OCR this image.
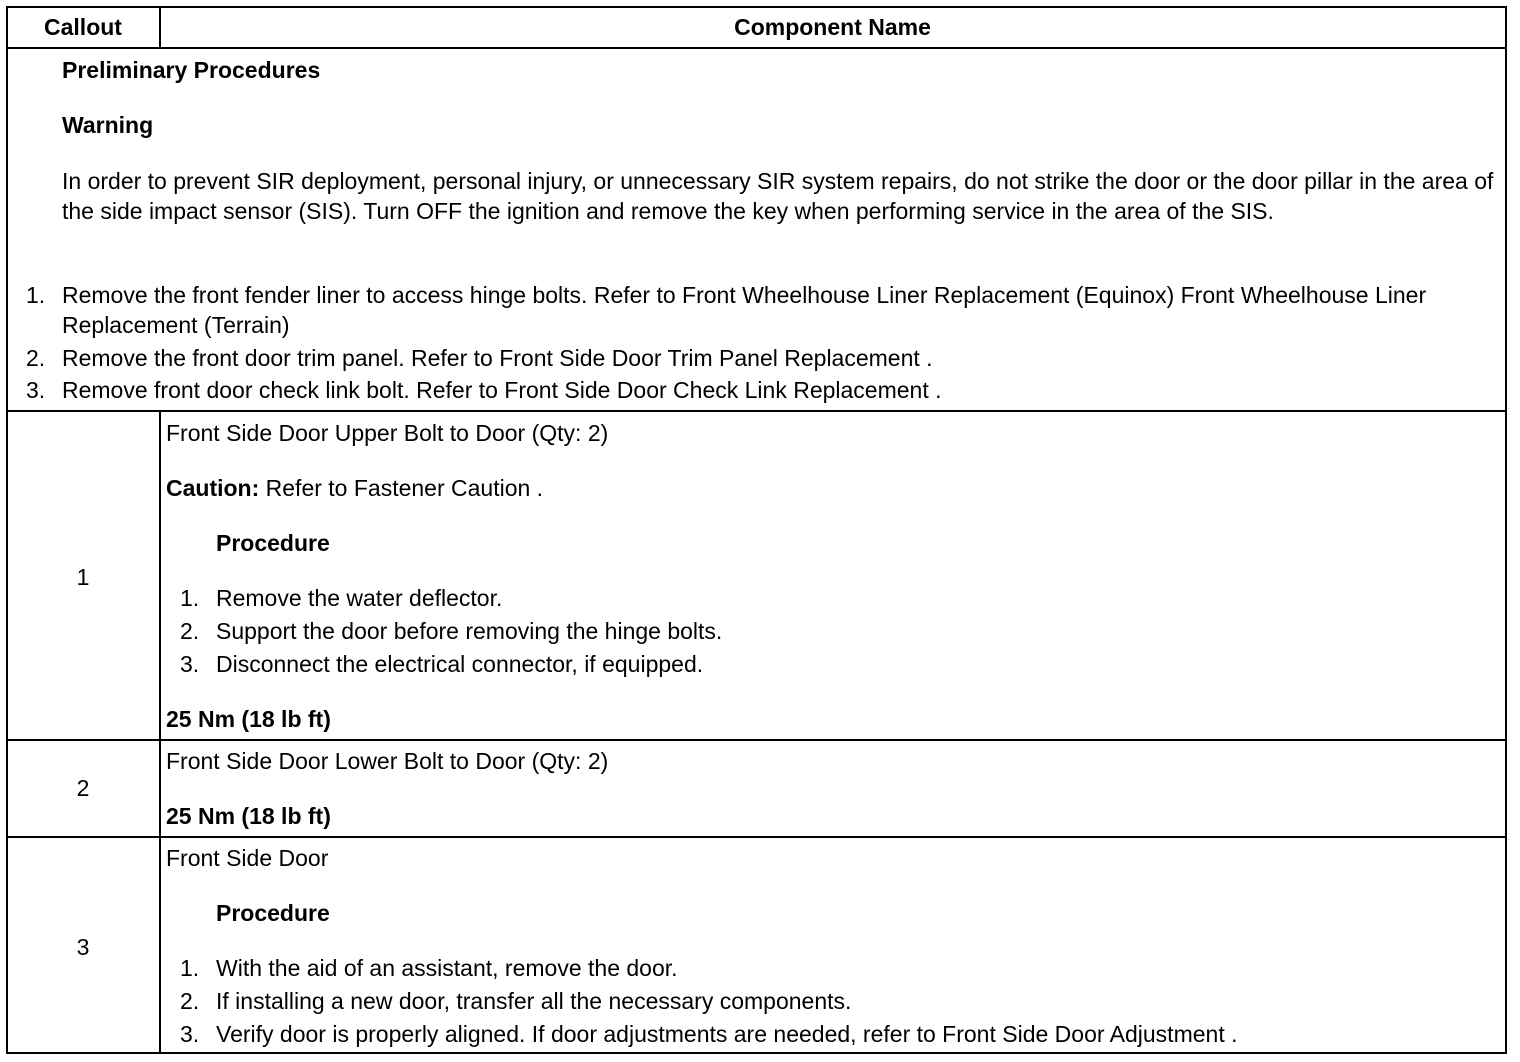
Callout	Component Name
Preliminary Procedures
Warning
In order to prevent SIR deployment, personal injury, or unnecessary SIR system repairs, do not strike the door or the door pillar in the area of the side impact sensor (SIS). Turn OFF the ignition and remove the key when performing service in the area of the SIS.
1. Remove the front fender liner to access hinge bolts. Refer to Front Wheelhouse Liner Replacement (Equinox) Front Wheelhouse Liner Replacement (Terrain)
2. Remove the front door trim panel. Refer to Front Side Door Trim Panel Replacement .
3. Remove front door check link bolt. Refer to Front Side Door Check Link Replacement .
1
Front Side Door Upper Bolt to Door (Qty: 2)
Caution: Refer to Fastener Caution .
Procedure
1. Remove the water deflector.
2. Support the door before removing the hinge bolts.
3. Disconnect the electrical connector, if equipped.
25 Nm (18 lb ft)
2
Front Side Door Lower Bolt to Door (Qty: 2)
25 Nm (18 lb ft)
3
Front Side Door
Procedure
1. With the aid of an assistant, remove the door.
2. If installing a new door, transfer all the necessary components.
3. Verify door is properly aligned. If door adjustments are needed, refer to Front Side Door Adjustment .
